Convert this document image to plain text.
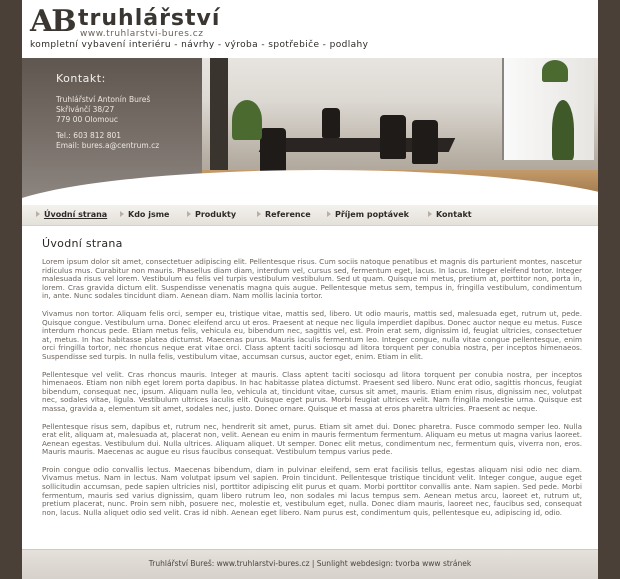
AB truhlářství
www.truhlarstvi-bures.cz
kompletní vybavení interiéru - návrhy - výroba - spotřebiče - podlahy
Kontakt:

Truhlářství Antonín Bureš

Skřivánčí 38/27

779 00 Olomouc

Tel.: 603 812 801

Email: bures.a@centrum.cz

Úvodní strana	Kdo jsme	Produkty	Reference	Příjem poptávek	Kontakt
Úvodní strana

Lorem ipsum dolor sit amet, consectetuer adipiscing elit. Pellentesque risus. Cum sociis natoque penatibus et magnis dis parturient montes, nascetur ridiculus mus. Curabitur non mauris. Phasellus diam diam, interdum vel, cursus sed, fermentum eget, lacus. In lacus. Integer eleifend tortor. Integer malesuada risus vel lorem. Vestibulum eu felis vel turpis vestibulum vestibulum. Sed ut quam. Quisque mi metus, pretium at, porttitor non, porta in, lorem. Cras gravida dictum elit. Suspendisse venenatis magna quis augue. Pellentesque metus sem, tempus in, fringilla vestibulum, condimentum in, ante. Nunc sodales tincidunt diam. Aenean diam. Nam mollis lacinia tortor.

Vivamus non tortor. Aliquam felis orci, semper eu, tristique vitae, mattis sed, libero. Ut odio mauris, mattis sed, malesuada eget, rutrum ut, pede. Quisque congue. Vestibulum urna. Donec eleifend arcu ut eros. Praesent at neque nec ligula imperdiet dapibus. Donec auctor neque eu metus. Fusce interdum rhoncus pede. Etiam metus felis, vehicula eu, bibendum nec, sagittis vel, est. Proin erat sem, dignissim id, feugiat ultricies, consectetuer at, metus. In hac habitasse platea dictumst. Maecenas purus. Mauris iaculis fermentum leo. Integer congue, nulla vitae congue pellentesque, enim orci fringilla tortor, nec rhoncus neque erat vitae orci. Class aptent taciti sociosqu ad litora torquent per conubia nostra, per inceptos himenaeos. Suspendisse sed turpis. In nulla felis, vestibulum vitae, accumsan cursus, auctor eget, enim. Etiam in elit.

Pellentesque vel velit. Cras rhoncus mauris. Integer at mauris. Class aptent taciti sociosqu ad litora torquent per conubia nostra, per inceptos himenaeos. Etiam non nibh eget lorem porta dapibus. In hac habitasse platea dictumst. Praesent sed libero. Nunc erat odio, sagittis rhoncus, feugiat bibendum, consequat nec, ipsum. Aliquam nulla leo, vehicula at, tincidunt vitae, cursus sit amet, mauris. Etiam enim risus, dignissim nec, volutpat nec, sodales vitae, ligula. Vestibulum ultrices iaculis elit. Quisque eget purus. Morbi feugiat ultrices velit. Nam fringilla molestie urna. Quisque est massa, gravida a, elementum sit amet, sodales nec, justo. Donec ornare. Quisque et massa at eros pharetra ultricies. Praesent ac neque.

Pellentesque risus sem, dapibus et, rutrum nec, hendrerit sit amet, purus. Etiam sit amet dui. Donec pharetra. Fusce commodo semper leo. Nulla erat elit, aliquam at, malesuada at, placerat non, velit. Aenean eu enim in mauris fermentum fermentum. Aliquam eu metus ut magna varius laoreet. Aenean egestas. Vestibulum dui. Nulla ultrices. Aliquam aliquet. Ut semper. Donec elit metus, condimentum nec, fermentum quis, viverra non, eros. Mauris mauris. Maecenas ac augue eu risus faucibus consequat. Vestibulum tempus varius pede.

Proin congue odio convallis lectus. Maecenas bibendum, diam in pulvinar eleifend, sem erat facilisis tellus, egestas aliquam nisi odio nec diam. Vivamus metus. Nam in lectus. Nam volutpat ipsum vel sapien. Proin tincidunt. Pellentesque tristique tincidunt velit. Integer congue, augue eget sollicitudin accumsan, pede sapien ultricies nisl, porttitor adipiscing elit purus et quam. Morbi porttitor convallis ante. Nam sapien. Sed pede. Morbi fermentum, mauris sed varius dignissim, quam libero rutrum leo, non sodales mi lacus tempus sem. Aenean metus arcu, laoreet et, rutrum ut, pretium placerat, nunc. Proin sem nibh, posuere nec, molestie et, vestibulum eget, nulla. Donec diam mauris, laoreet nec, faucibus sed, consequat non, lacus. Nulla aliquet odio sed velit. Cras id nibh. Aenean eget libero. Nam purus est, condimentum quis, pellentesque eu, adipiscing id, odio.

Truhlářství Bureš: www.truhlarstvi-bures.cz | Sunlight webdesign: tvorba www stránek
